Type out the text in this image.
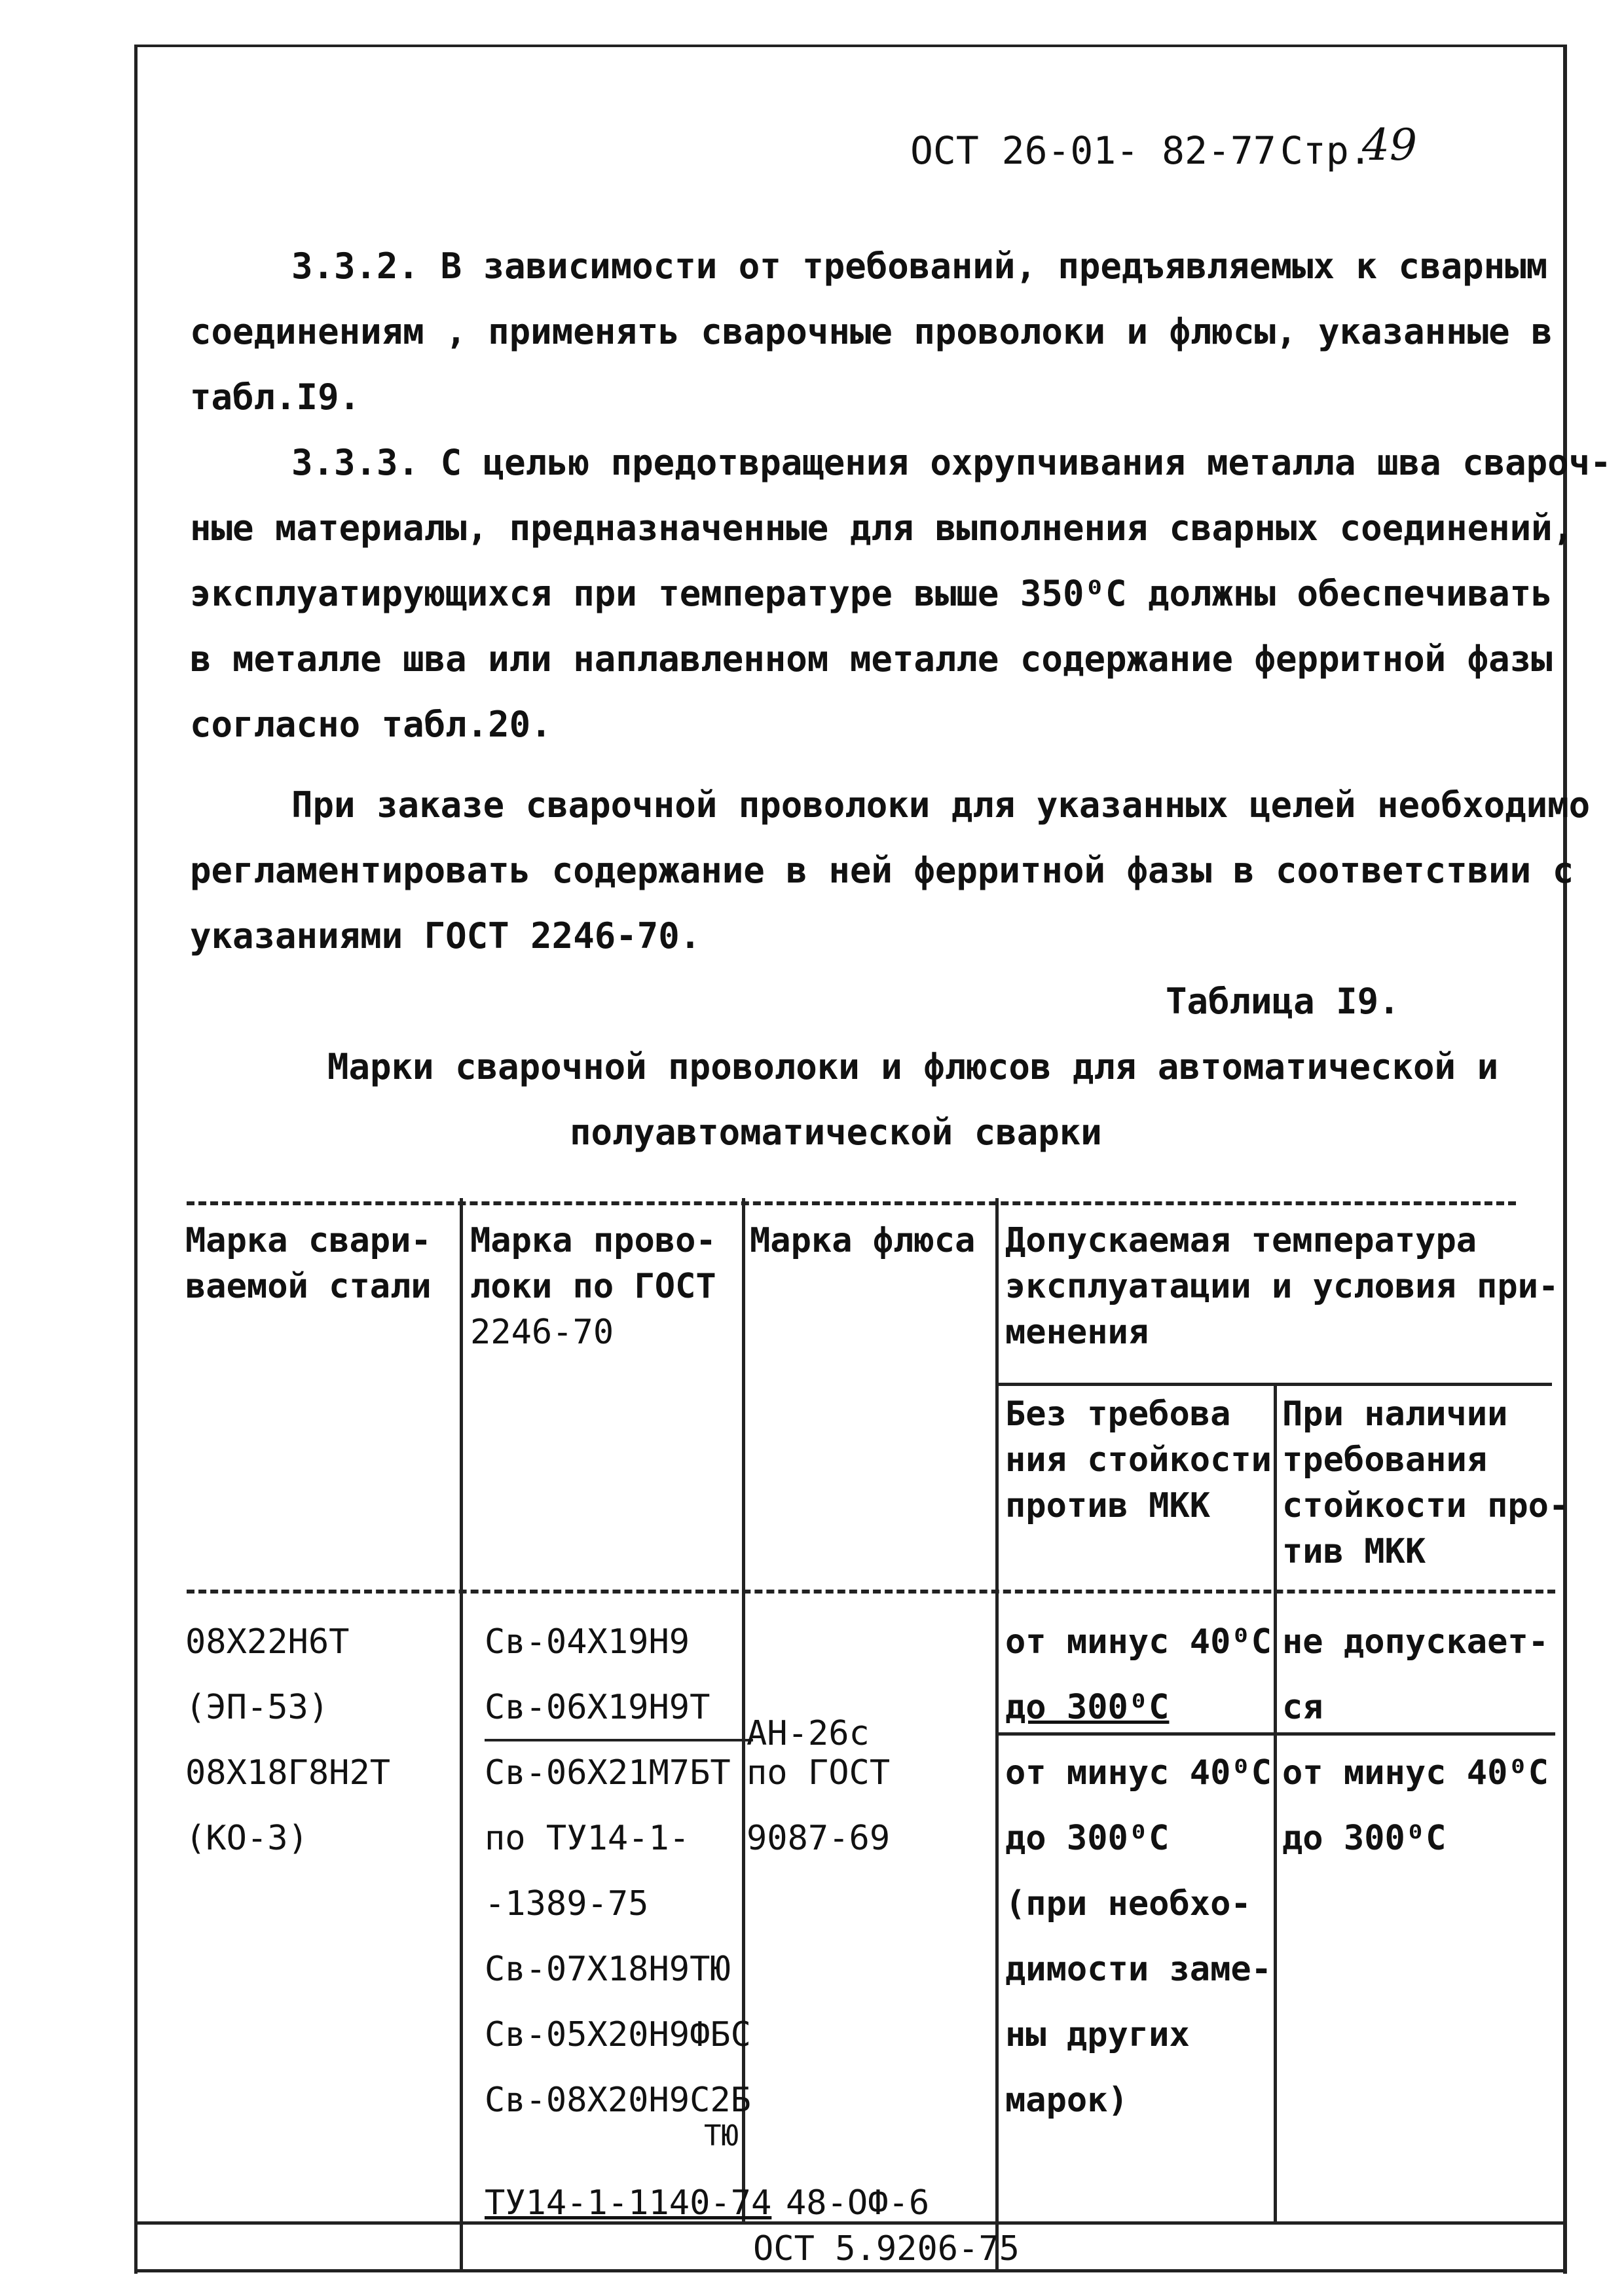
ОСТ 26-01- 82-77 Стр.
49
3.3.2. В зависимости от требований, предъявляемых к сварным
соединениям , применять сварочные проволоки и флюсы, указанные в
табл.I9.
3.3.3. С целью предотвращения охрупчивания металла шва свароч-
ные материалы, предназначенные для выполнения сварных соединений,
эксплуатирующихся при температуре выше 350⁰С должны обеспечивать
в металле шва или наплавленном металле содержание ферритной фазы
согласно табл.20.
При заказе сварочной проволоки для указанных целей необходимо
регламентировать содержание в ней ферритной фазы в соответствии с
указаниями ГОСТ 2246-70.
Таблица I9.
Марки сварочной проволоки и флюсов для автоматической и
полуавтоматической сварки
Марка свари-
ваемой стали
Марка прово-
локи по ГОСТ
2246-70
Марка флюса Допускаемая температура
эксплуатации и условия при-
менения
Без требова
ния стойкости
против МКК
При наличии
требования
стойкости про-
тив МКК
08Х22Н6Т
(ЭП-53)
08Х18Г8Н2Т
(КО-3)
Св-04Х19Н9
Св-06Х19Н9Т
Св-06Х21М7БТ
по ТУ14-1-
-1389-75
Св-07Х18Н9ТЮ
Св-05Х20Н9ФБС
Св-08Х20Н9С2Б
ТЮ
ТУ14-1-1140-74
АН-26с
по ГОСТ
9087-69
48-ОФ-6
ОСТ 5.9206-75
от минус 40⁰С
до 300⁰С
от минус 40⁰С
до 300⁰С
(при необхо-
димости заме-
ны других
марок)
не допускает-
ся
от минус 40⁰С
до 300⁰С
